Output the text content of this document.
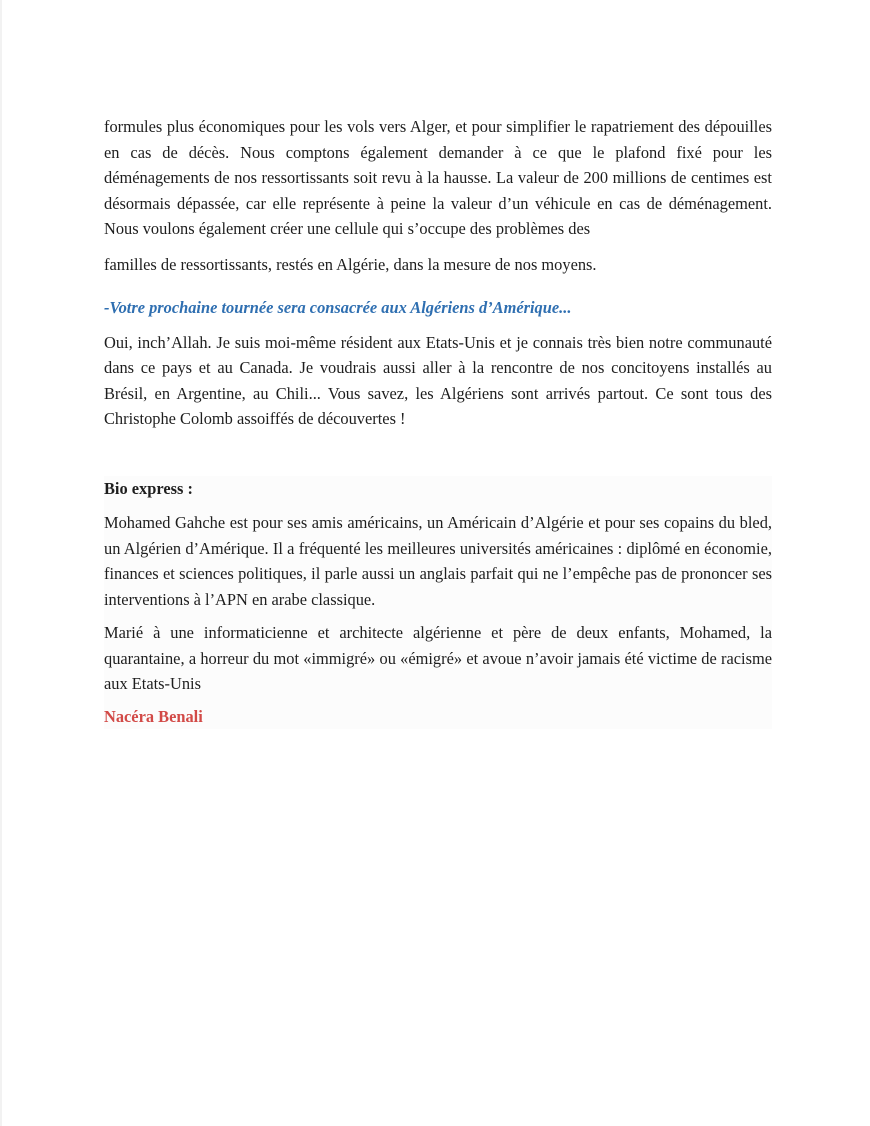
formules plus économiques pour les vols vers Alger, et pour simplifier le rapatriement des dépouilles en cas de décès. Nous comptons également demander à ce que le plafond fixé pour les déménagements de nos ressortissants soit revu à la hausse. La valeur de 200 millions de centimes est désormais dépassée, car elle représente à peine la valeur d’un véhicule en cas de déménagement. Nous voulons également créer une cellule qui s’occupe des problèmes des

familles de ressortissants, restés en Algérie, dans la mesure de nos moyens.

-Votre prochaine tournée sera consacrée aux Algériens d’Amérique...

Oui, inch’Allah. Je suis moi-même résident aux Etats-Unis et je connais très bien notre communauté dans ce pays et au Canada. Je voudrais aussi aller à la rencontre de nos concitoyens installés au Brésil, en Argentine, au Chili... Vous savez, les Algériens sont arrivés partout. Ce sont tous des Christophe Colomb assoiffés de découvertes !

Bio express :

Mohamed Gahche est pour ses amis américains, un Américain d’Algérie et pour ses copains du bled, un Algérien d’Amérique. Il a fréquenté les meilleures universités américaines : diplômé en économie, finances et sciences politiques, il parle aussi un anglais parfait qui ne l’empêche pas de prononcer ses interventions à l’APN en arabe classique.

Marié à une informaticienne et architecte algérienne et père de deux enfants, Mohamed, la quarantaine, a horreur du mot «immigré» ou «émigré» et avoue n’avoir jamais été victime de racisme aux Etats-Unis

Nacéra Benali
